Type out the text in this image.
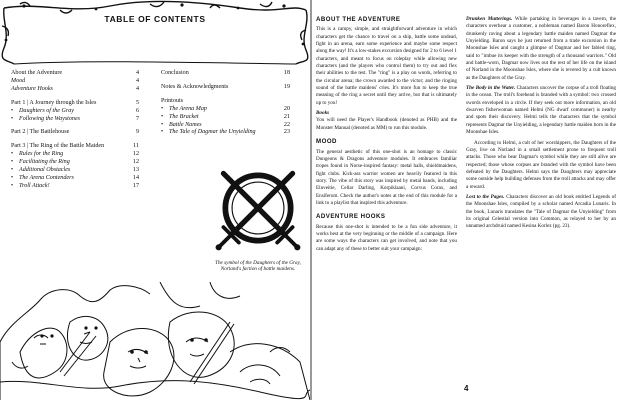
TABLE OF CONTENTS
About the Adventure	4
Mood	4
Adventure Hooks	4
Part 1 | A Journey through the Isles	5
• Daughters of the Gray	6
• Following the Waystones	7
Part 2 | The Battlehouse	9
Part 3 | The Ring of the Battle Maiden	11
• Rules for the Ring	12
• Facilitating the Ring	12
• Additional Obstacles	13
• The Arena Contenders	14
• Troll Attack!	17
Conclusion	18
Notes & Acknowledgments	19
Printouts
• The Arena Map	20
• The Bracket	21
• Battle Names	22
• The Tale of Dagmar the Unyielding	23
The symbol of the Daughters of the Gray, Norland's faction of battle maidens.
ABOUT THE ADVENTURE

This is a campy, simple, and straightforward adventure in which characters get the chance to travel on a ship, battle some undead, fight in an arena, earn some experience and maybe some respect along the way! It's a low-stakes excursion designed for 2 to 6 level 1 characters, and meant to focus on roleplay while allowing new characters (and the players who control them) to try out and flex their abilities to the test. The "ring" is a play on words, referring to the circular arena; the crown awarded to the victor; and the ringing sound of the battle maidens' cries. It's more fun to keep the true meaning of the ring a secret until they arrive, but that is ultimately up to you!

Books

You will need the Player's Handbook (denoted as PHB) and the Monster Manual (denoted as MM) to run this module.

MOOD

The general aesthetic of this one-shot is an homage to classic Dungeons & Dragons adventure modules. It embraces familiar tropes found in Norse-inspired fantasy: metal halls, shieldmaidens, fight clubs. Kick-ass warrior women are heavily featured in this story. The vibe of this story was inspired by metal bands, including Eluveitie, Cellar Darling, Korpiklaani, Corvus Corax, and Ensiferum. Check the author's notes at the end of this module for a link to a playlist that inspired this adventure.

ADVENTURE HOOKS

Because this one-shot is intended to be a fun side adventure, it works best at the very beginning or the middle of a campaign. Here are some ways the characters can get involved, and note that you can adapt any of these to better suit your campaign:

Drunken Mutterings. While partaking in beverages in a tavern, the characters overhear a customer, a nobleman named Baron Honoreflex, drunkenly raving about a legendary battle maiden named Dagmar the Unyielding. Baron says he just returned from a trade excursion in the Moonshae Isles and caught a glimpse of Dagmar and her fabled ring, said to "imbue its keeper with the strength of a thousand warriors." Old and battle-worn, Dagmar now lives out the rest of her life on the island of Norland in the Moonshae Isles, where she is revered by a cult known as the Daughters of the Gray.

The Body in the Water. Characters uncover the corpse of a troll floating in the ocean. The troll's forehead is branded with a symbol: two crossed swords enveloped in a circle. If they seek out more information, an old dwarven fisherwoman named Helmi (NG dwarf commoner) is nearby and spots their discovery. Helmi tells the characters that the symbol represents Dagmar the Unyielding, a legendary battle maiden born in the Moonshae Isles.

According to Helmi, a cult of her worshippers, the Daughters of the Gray, live on Norland in a small settlement prone to frequent troll attacks. Those who bear Dagmar's symbol while they are still alive are respected; those whose corpses are branded with the symbol have been defeated by the Daughters. Helmi says the Daughters may appreciate some outside help building defenses from the troll attacks and may offer a reward.

Lost to the Pages. Characters discover an old book entitled Legends of the Moonshae Isles, compiled by a scholar named Arcadia Lunaris. In the book, Lunaris translates the "Tale of Dagmar the Unyielding" from its original Celestial version into Common, as relayed to her by an unnamed archdruid named Kesina Korlez (pg. 23).

4
